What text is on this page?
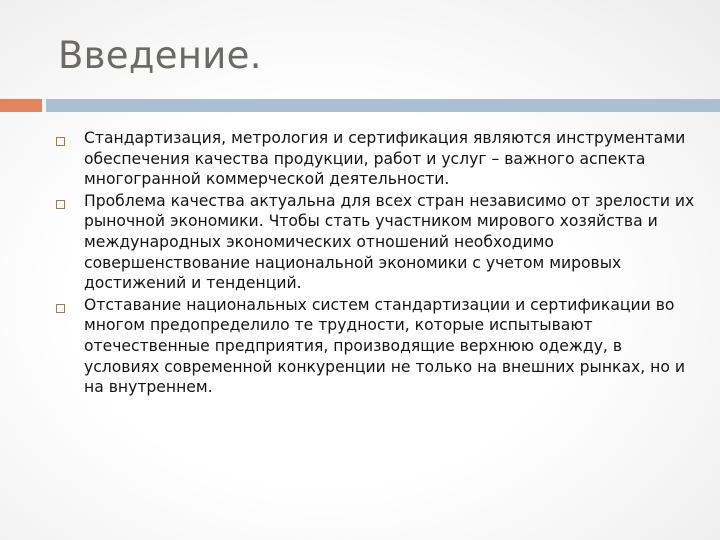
Введение.
Стандартизация, метрология и сертификация являются инструментами обеспечения качества продукции, работ и услуг – важного аспекта многогранной коммерческой деятельности.
Проблема качества актуальна для всех стран независимо от зрелости их рыночной экономики. Чтобы стать участником мирового хозяйства и международных экономических отношений необходимо совершенствование национальной экономики с учетом мировых достижений и тенденций.
Отставание национальных систем стандартизации и сертификации во многом предопределило те трудности, которые испытывают отечественные предприятия, производящие верхнюю одежду, в условиях современной конкуренции не только на внешних рынках, но и на внутреннем.
